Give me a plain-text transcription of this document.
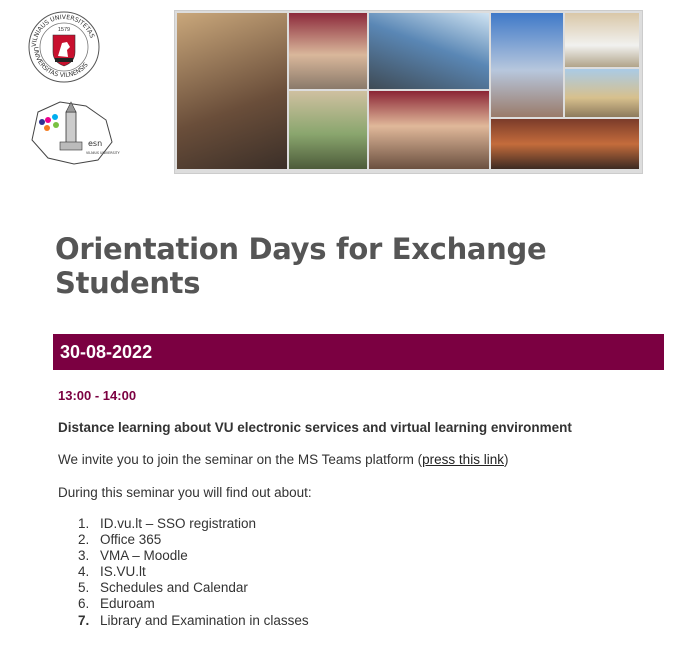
VILNIAUS UNIVERSITETAS
UNIVERSITAS VILNENSIS
1579
esn
VILNIUS UNIVERSITY
Orientation Days for Exchange Students
30-08-2022
13:00 - 14:00
Distance learning about VU electronic services and virtual learning environment
We invite you to join the seminar on the MS Teams platform (press this link)
During this seminar you will find out about:
1. ID.vu.lt – SSO registration
2. Office 365
3. VMA – Moodle
4. IS.VU.lt
5. Schedules and Calendar
6. Eduroam
7. Library and Examination in classes
